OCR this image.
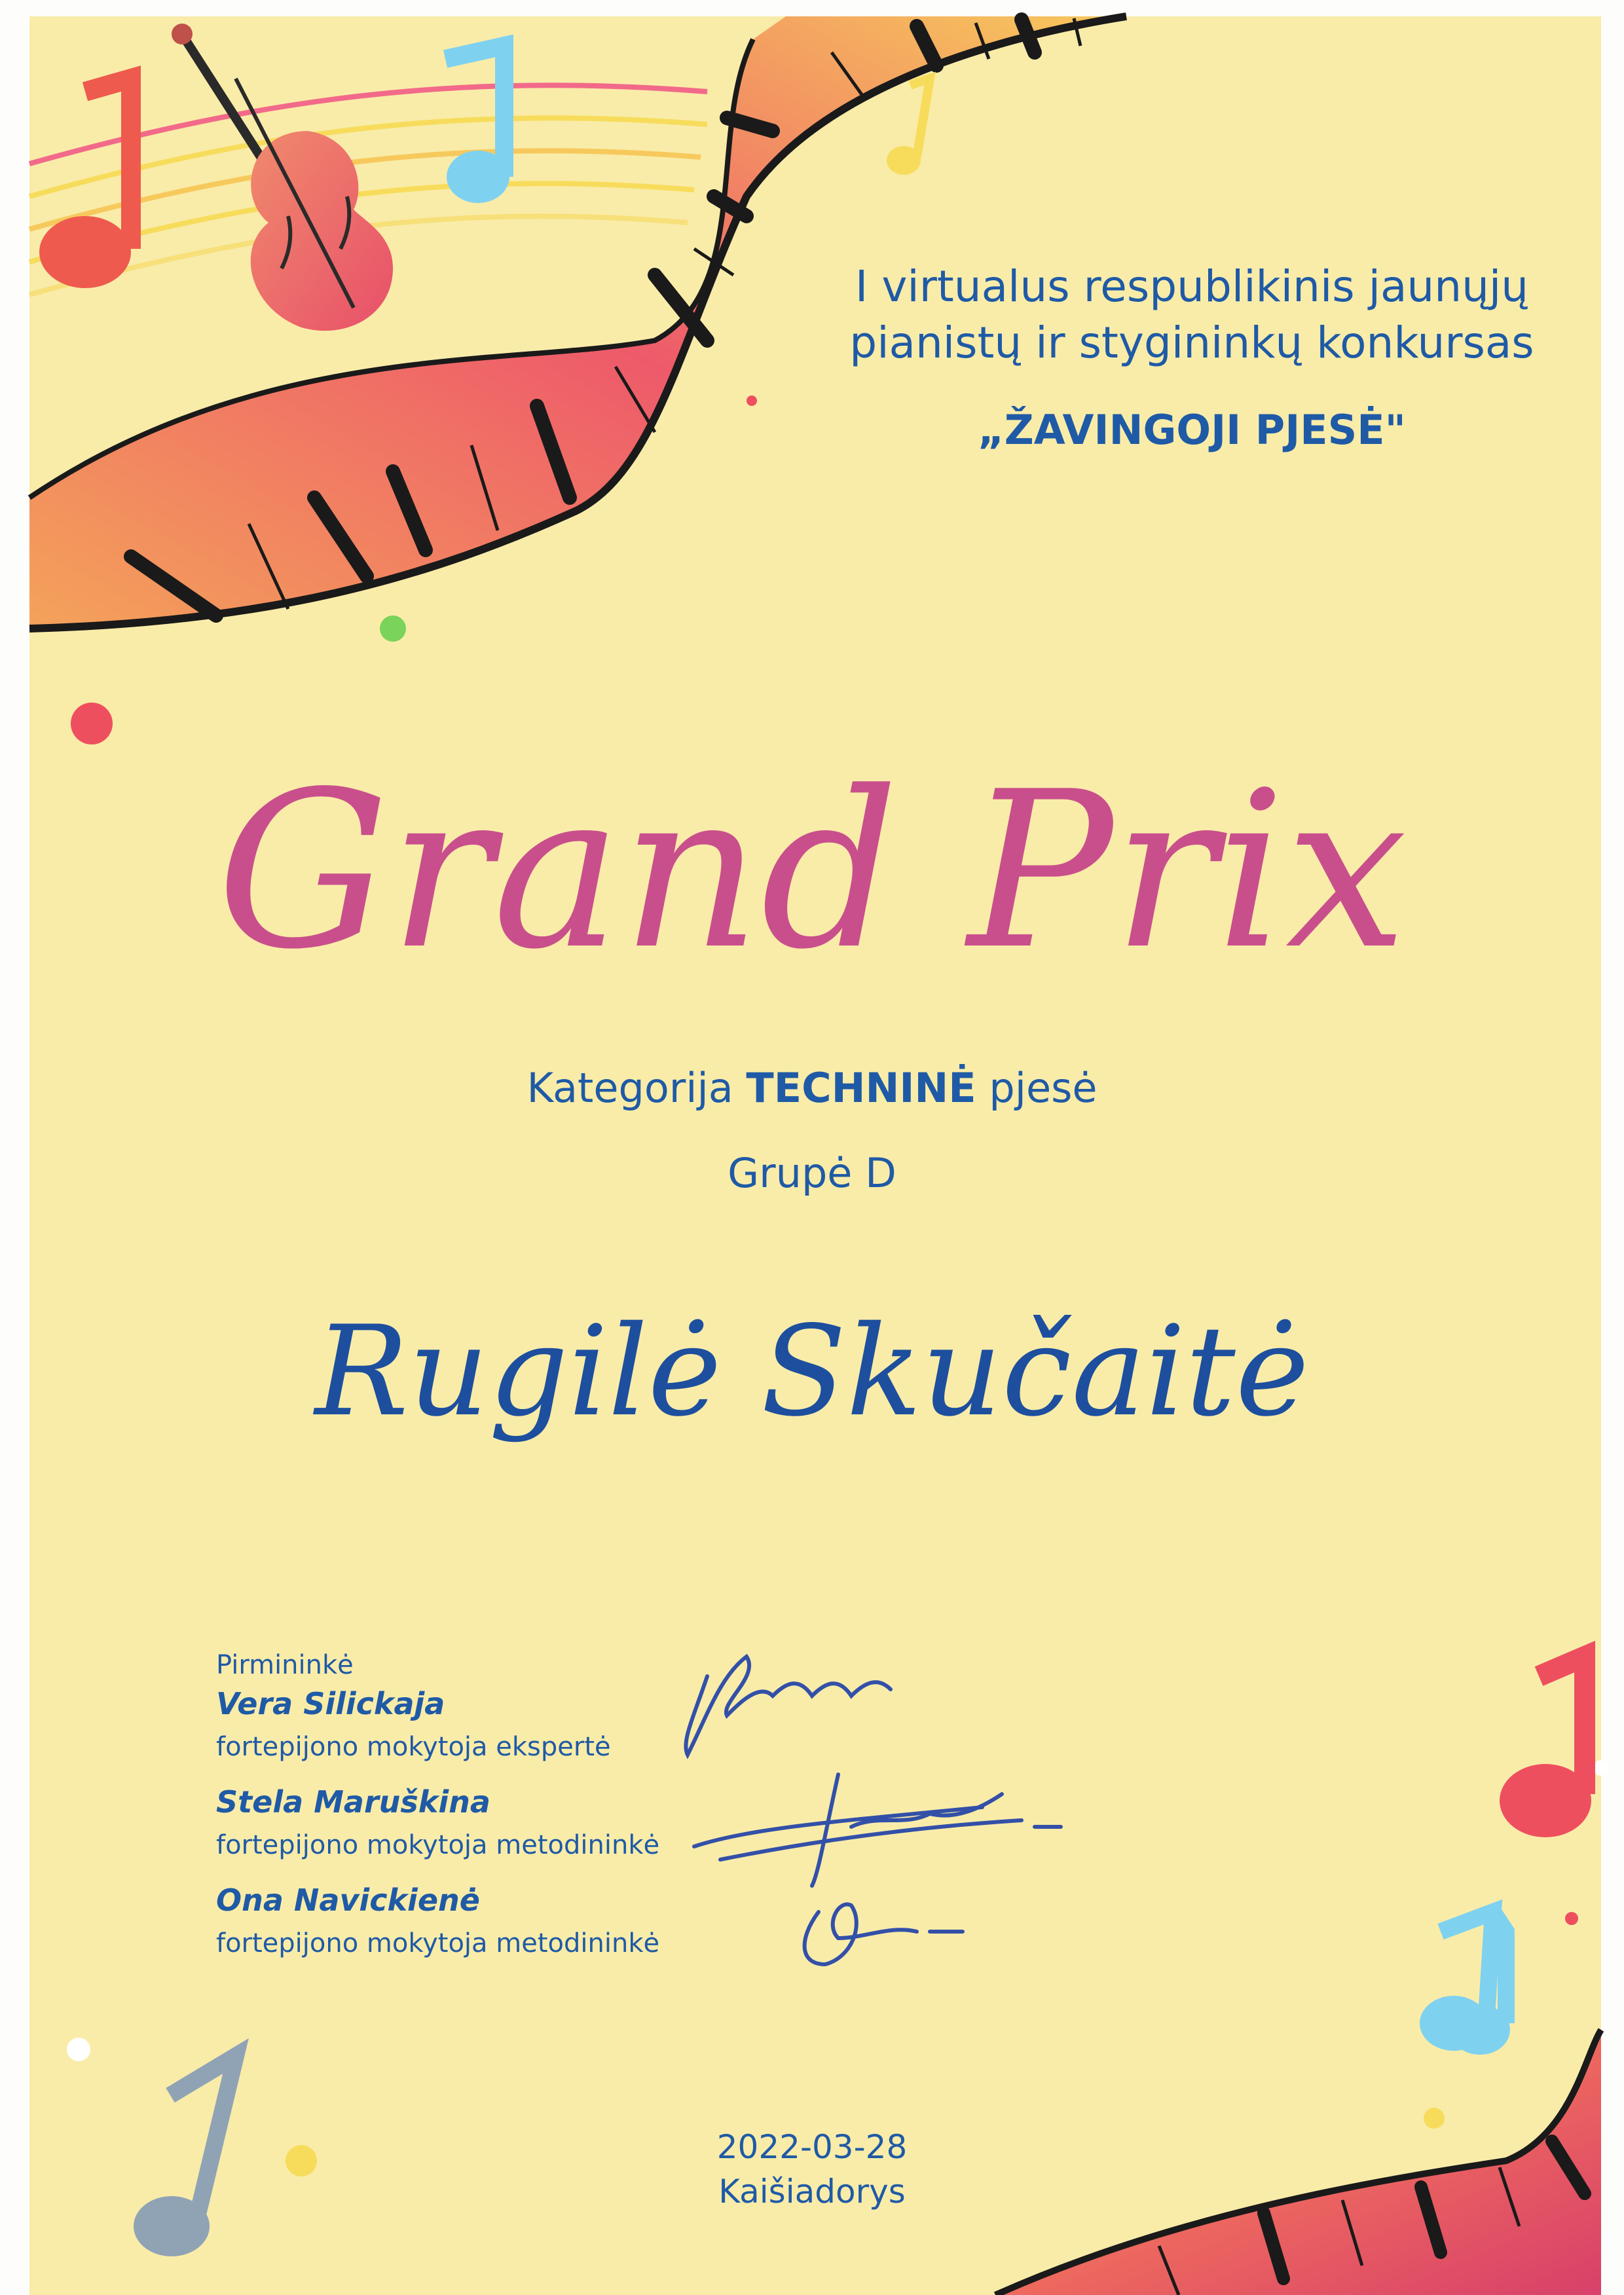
I virtualus respublikinis jaunųjų
pianistų ir stygininkų konkursas

„ŽAVINGOJI PJESĖ"

Grand Prix

Kategorija TECHNINĖ pjesė

Grupė D

Rugilė Skučaitė

Pirmininkė

Vera Silickaja

fortepijono mokytoja ekspertė

Stela Maruškina

fortepijono mokytoja metodininkė

Ona Navickienė

fortepijono mokytoja metodininkė

2022-03-28

Kaišiadorys
